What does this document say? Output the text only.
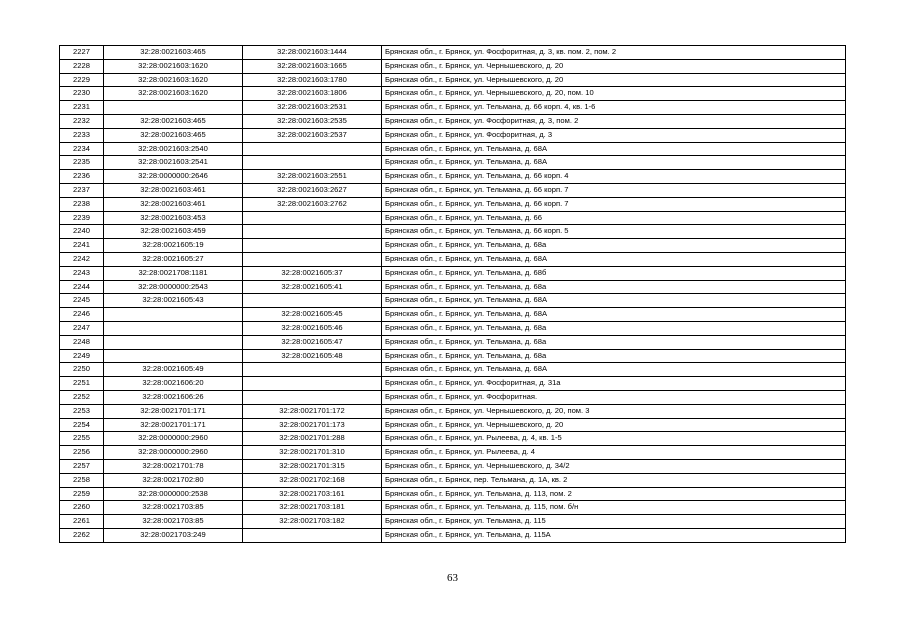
2227	32:28:0021603:465	32:28:0021603:1444	Брянская обл., г. Брянск, ул. Фосфоритная, д. 3, кв. пом. 2, пом. 2
2228	32:28:0021603:1620	32:28:0021603:1665	Брянская обл., г. Брянск, ул. Чернышевского, д. 20
2229	32:28:0021603:1620	32:28:0021603:1780	Брянская обл., г. Брянск, ул. Чернышевского, д. 20
2230	32:28:0021603:1620	32:28:0021603:1806	Брянская обл., г. Брянск, ул. Чернышевского, д. 20, пом. 10
2231		32:28:0021603:2531	Брянская обл., г. Брянск, ул. Тельмана, д. 66 корп. 4, кв. 1-6
2232	32:28:0021603:465	32:28:0021603:2535	Брянская обл., г. Брянск, ул. Фосфоритная, д. 3, пом. 2
2233	32:28:0021603:465	32:28:0021603:2537	Брянская обл., г. Брянск, ул. Фосфоритная, д. 3
2234	32:28:0021603:2540		Брянская обл., г. Брянск, ул. Тельмана, д. 68А
2235	32:28:0021603:2541		Брянская обл., г. Брянск, ул. Тельмана, д. 68А
2236	32:28:0000000:2646	32:28:0021603:2551	Брянская обл., г. Брянск, ул. Тельмана, д. 66 корп. 4
2237	32:28:0021603:461	32:28:0021603:2627	Брянская обл., г. Брянск, ул. Тельмана, д. 66 корп. 7
2238	32:28:0021603:461	32:28:0021603:2762	Брянская обл., г. Брянск, ул. Тельмана, д. 66 корп. 7
2239	32:28:0021603:453		Брянская обл., г. Брянск, ул. Тельмана, д. 66
2240	32:28:0021603:459		Брянская обл., г. Брянск, ул. Тельмана, д. 66 корп. 5
2241	32:28:0021605:19		Брянская обл., г. Брянск, ул. Тельмана, д. 68а
2242	32:28:0021605:27		Брянская обл., г. Брянск, ул. Тельмана, д. 68А
2243	32:28:0021708:1181	32:28:0021605:37	Брянская обл., г. Брянск, ул. Тельмана, д. 68б
2244	32:28:0000000:2543	32:28:0021605:41	Брянская обл., г. Брянск, ул. Тельмана, д. 68а
2245	32:28:0021605:43		Брянская обл., г. Брянск, ул. Тельмана, д. 68А
2246		32:28:0021605:45	Брянская обл., г. Брянск, ул. Тельмана, д. 68А
2247		32:28:0021605:46	Брянская обл., г. Брянск, ул. Тельмана, д. 68а
2248		32:28:0021605:47	Брянская обл., г. Брянск, ул. Тельмана, д. 68а
2249		32:28:0021605:48	Брянская обл., г. Брянск, ул. Тельмана, д. 68а
2250	32:28:0021605:49		Брянская обл., г. Брянск, ул. Тельмана, д. 68А
2251	32:28:0021606:20		Брянская обл., г. Брянск, ул. Фосфоритная, д. 31а
2252	32:28:0021606:26		Брянская обл., г. Брянск, ул. Фосфоритная.
2253	32:28:0021701:171	32:28:0021701:172	Брянская обл., г. Брянск, ул. Чернышевского, д. 20, пом. 3
2254	32:28:0021701:171	32:28:0021701:173	Брянская обл., г. Брянск, ул. Чернышевского, д. 20
2255	32:28:0000000:2960	32:28:0021701:288	Брянская обл., г. Брянск, ул. Рылеева, д. 4, кв. 1-5
2256	32:28:0000000:2960	32:28:0021701:310	Брянская обл., г. Брянск, ул. Рылеева, д. 4
2257	32:28:0021701:78	32:28:0021701:315	Брянская обл., г. Брянск, ул. Чернышевского, д. 34/2
2258	32:28:0021702:80	32:28:0021702:168	Брянская обл., г. Брянск, пер. Тельмана, д. 1А, кв. 2
2259	32:28:0000000:2538	32:28:0021703:161	Брянская обл., г. Брянск, ул. Тельмана, д. 113, пом. 2
2260	32:28:0021703:85	32:28:0021703:181	Брянская обл., г. Брянск, ул. Тельмана, д. 115, пом. б/н
2261	32:28:0021703:85	32:28:0021703:182	Брянская обл., г. Брянск, ул. Тельмана, д. 115
2262	32:28:0021703:249		Брянская обл., г. Брянск, ул. Тельмана, д. 115А
63
